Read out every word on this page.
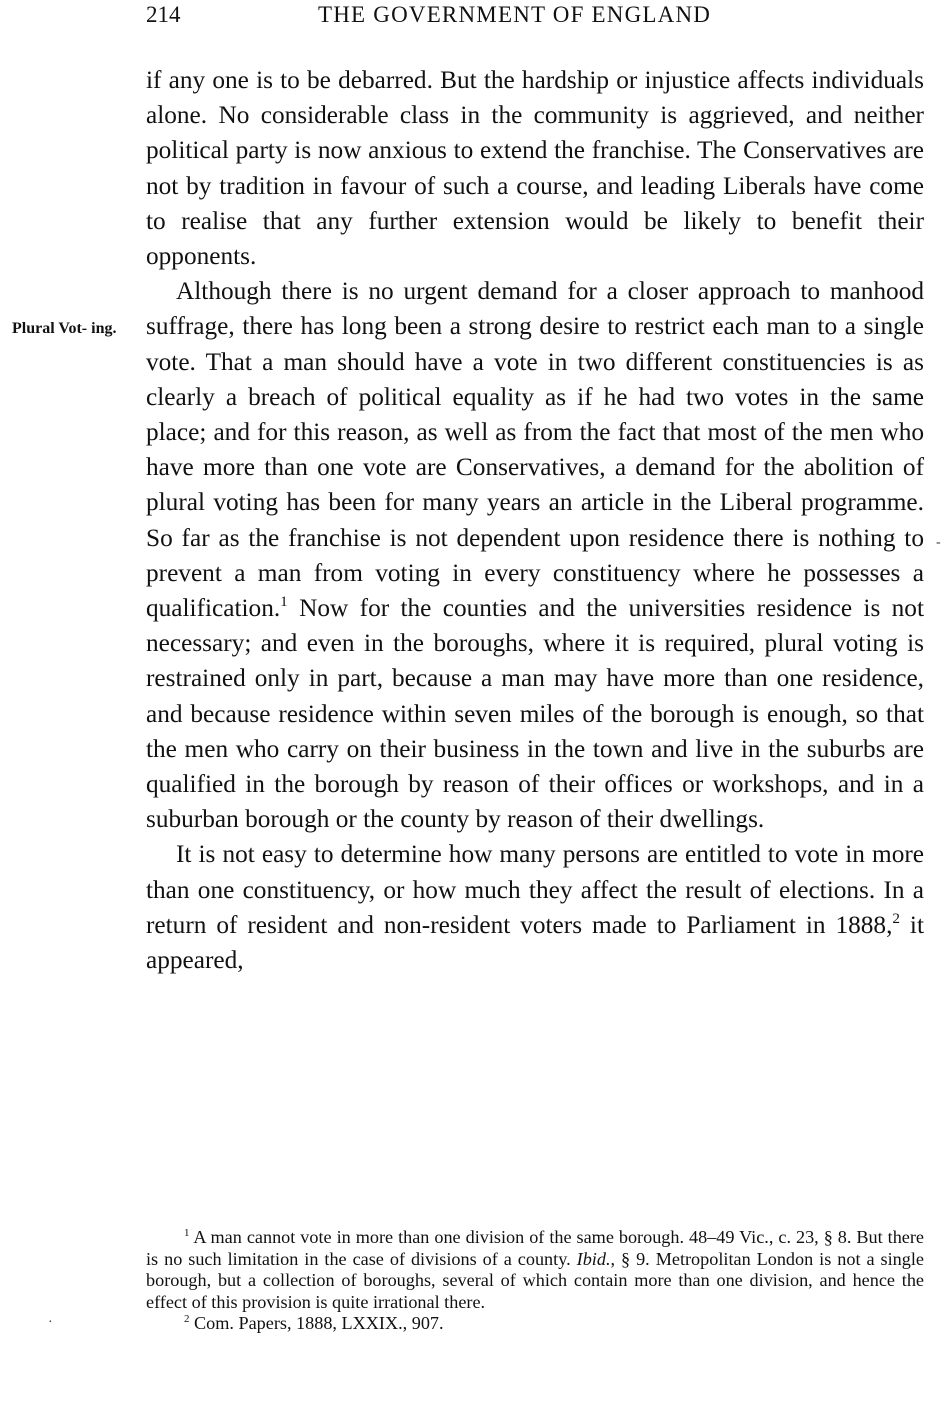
214	THE GOVERNMENT OF ENGLAND
Plural Vot- ing.

if any one is to be debarred. But the hardship or injustice affects individuals alone. No considerable class in the community is aggrieved, and neither political party is now anxious to extend the franchise. The Conservatives are not by tradition in favour of such a course, and leading Liberals have come to realise that any further extension would be likely to benefit their opponents.

Although there is no urgent demand for a closer approach to manhood suffrage, there has long been a strong desire to restrict each man to a single vote. That a man should have a vote in two different constituencies is as clearly a breach of political equality as if he had two votes in the same place; and for this reason, as well as from the fact that most of the men who have more than one vote are Conservatives, a demand for the abolition of plural voting has been for many years an article in the Liberal programme. So far as the franchise is not dependent upon residence there is nothing to prevent a man from voting in every constituency where he possesses a qualification.$^1$ Now for the counties and the universities residence is not necessary; and even in the boroughs, where it is required, plural voting is restrained only in part, because a man may have more than one residence, and because residence within seven miles of the borough is enough, so that the men who carry on their business in the town and live in the suburbs are qualified in the borough by reason of their offices or workshops, and in a suburban borough or the county by reason of their dwellings.

It is not easy to determine how many persons are entitled to vote in more than one constituency, or how much they affect the result of elections. In a return of resident and non-resident voters made to Parliament in 1888,$^2$ it appeared,

$^1$ A man cannot vote in more than one division of the same borough. 48–49 Vic., c. 23, § 8. But there is no such limitation in the case of divisions of a county. Ibid., § 9. Metropolitan London is not a single borough, but a collection of boroughs, several of which contain more than one division, and hence the effect of this provision is quite irrational there.

$^2$ Com. Papers, 1888, LXXIX., 907.

-
·
